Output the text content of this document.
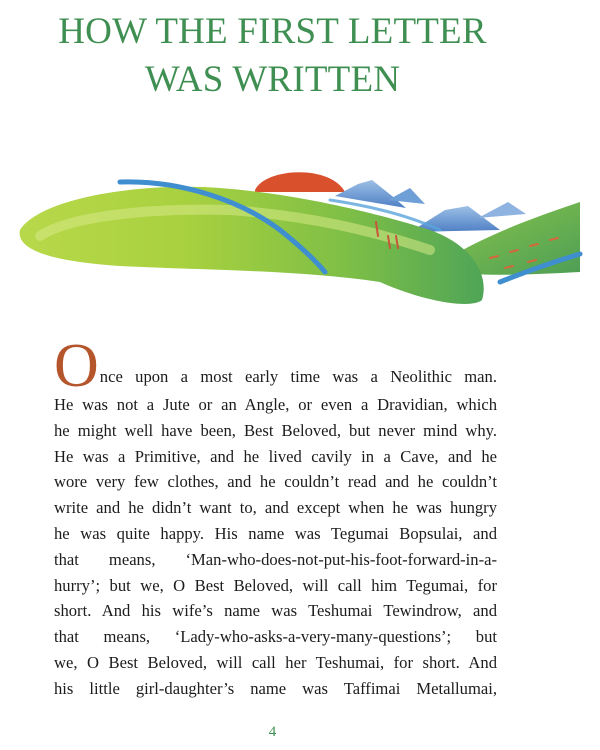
HOW THE FIRST LETTER
WAS WRITTEN
O nce upon a most early time was a Neolithic man.
He was not a Jute or an Angle, or even a Dravidian, which
he might well have been, Best Beloved, but never mind why.
He was a Primitive, and he lived cavily in a Cave, and he
wore very few clothes, and he couldn’t read and he couldn’t
write and he didn’t want to, and except when he was hungry
he was quite happy. His name was Tegumai Bopsulai, and
that means, ‘Man-who-does-not-put-his-foot-forward-in-a-
hurry’; but we, O Best Beloved, will call him Tegumai, for
short. And his wife’s name was Teshumai Tewindrow, and
that means, ‘Lady-who-asks-a-very-many-questions’; but
we, O Best Beloved, will call her Teshumai, for short. And
his little girl-daughter’s name was Taffimai Metallumai,
4
